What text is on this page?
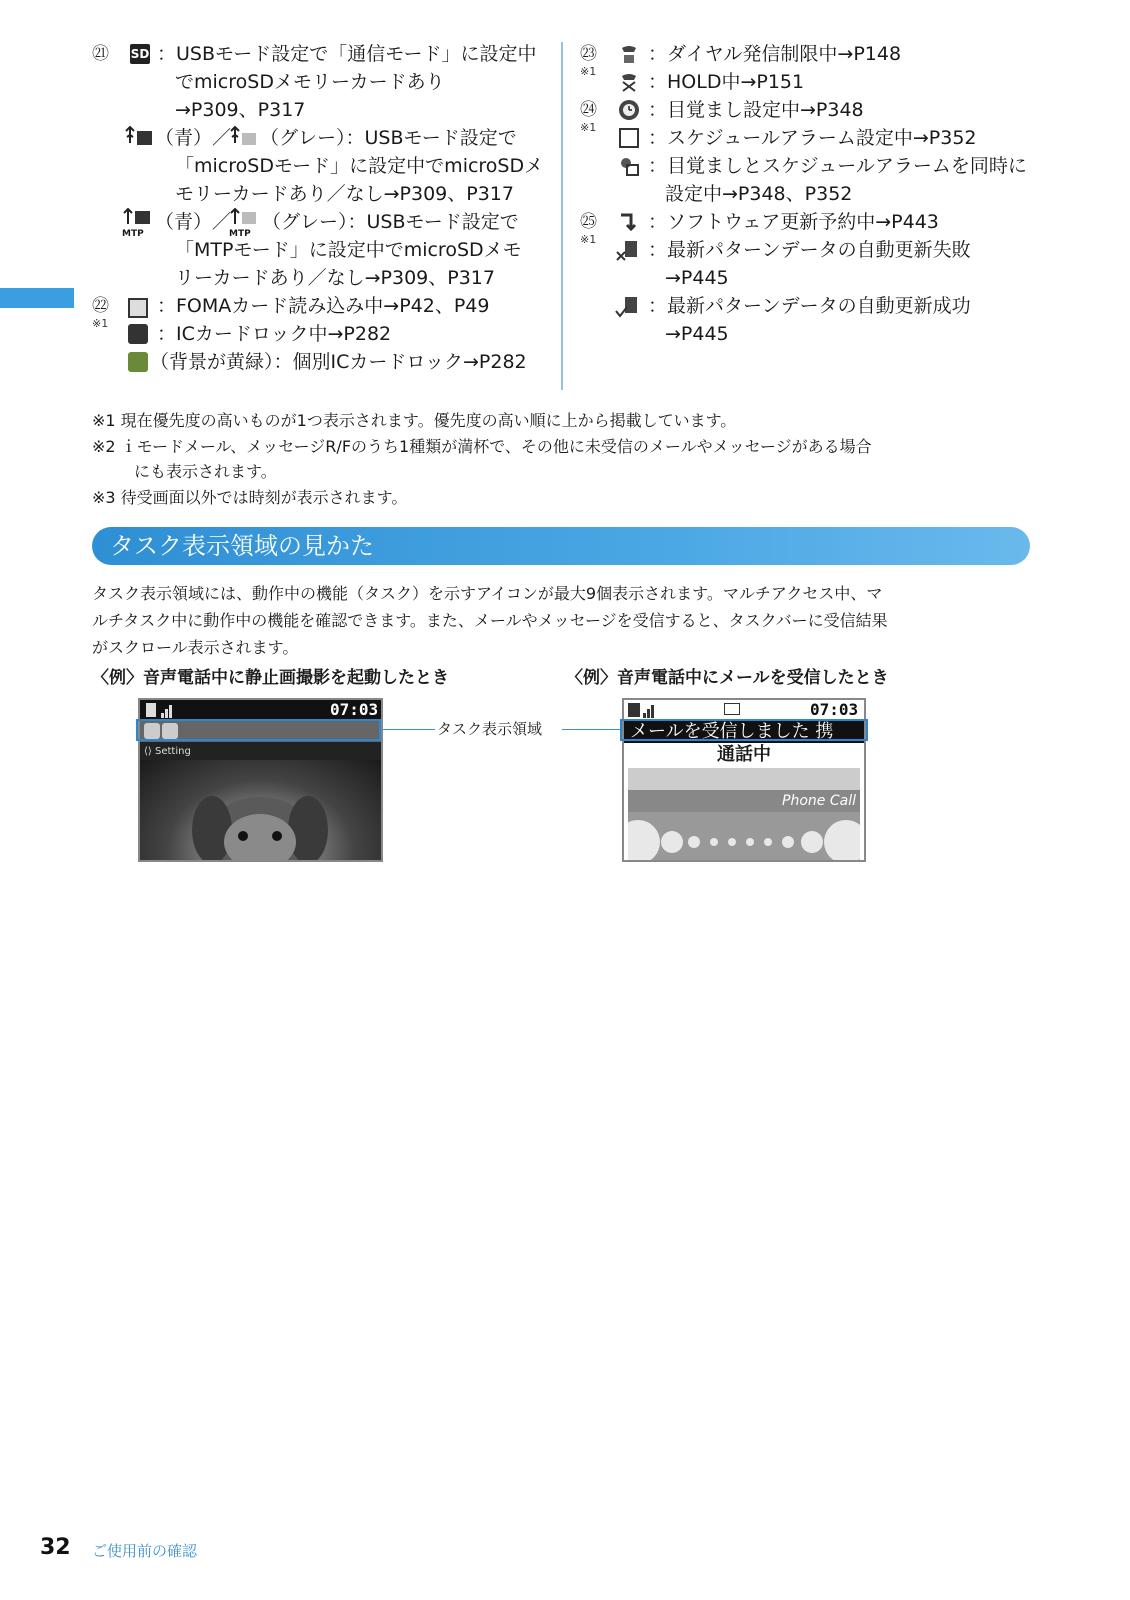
㉑ SD ：USBモード設定で「通信モード」に設定中
でmicroSDメモリーカードあり
→P309、P317
（青）／ （グレー）：USBモード設定で
「microSDモード」に設定中でmicroSDメ
モリーカードあり／なし→P309、P317
MTP
（青）／
MTP
（グレー）：USBモード設定で
「MTPモード」に設定中でmicroSDメモ
リーカードあり／なし→P309、P317
㉒
※1
：FOMAカード読み込み中→P42、P49
：ICカードロック中→P282
（背景が黄緑）：個別ICカードロック→P282
㉓
※1
：ダイヤル発信制限中→P148
：HOLD中→P151
㉔
※1
：目覚まし設定中→P348
：スケジュールアラーム設定中→P352
：目覚ましとスケジュールアラームを同時に
設定中→P348、P352
㉕
※1
：ソフトウェア更新予約中→P443
：最新パターンデータの自動更新失敗
→P445
：最新パターンデータの自動更新成功
→P445
※1 現在優先度の高いものが1つ表示されます。優先度の高い順に上から掲載しています。
※2 ｉモードメール、メッセージR/Fのうち1種類が満杯で、その他に未受信のメールやメッセージがある場合
にも表示されます。
※3 待受画面以外では時刻が表示されます。
タスク表示領域の見かた
タスク表示領域には、動作中の機能（タスク）を示すアイコンが最大9個表示されます。マルチアクセス中、マ
ルチタスク中に動作中の機能を確認できます。また、メールやメッセージを受信すると、タスクバーに受信結果
がスクロール表示されます。
〈例〉音声電話中に静止画撮影を起動したとき	〈例〉音声電話中にメールを受信したとき
07:03
⟨⟩ Setting
タスク表示領域
07:03
メールを受信しました 携
通話中
Phone Call
32 ご使用前の確認
